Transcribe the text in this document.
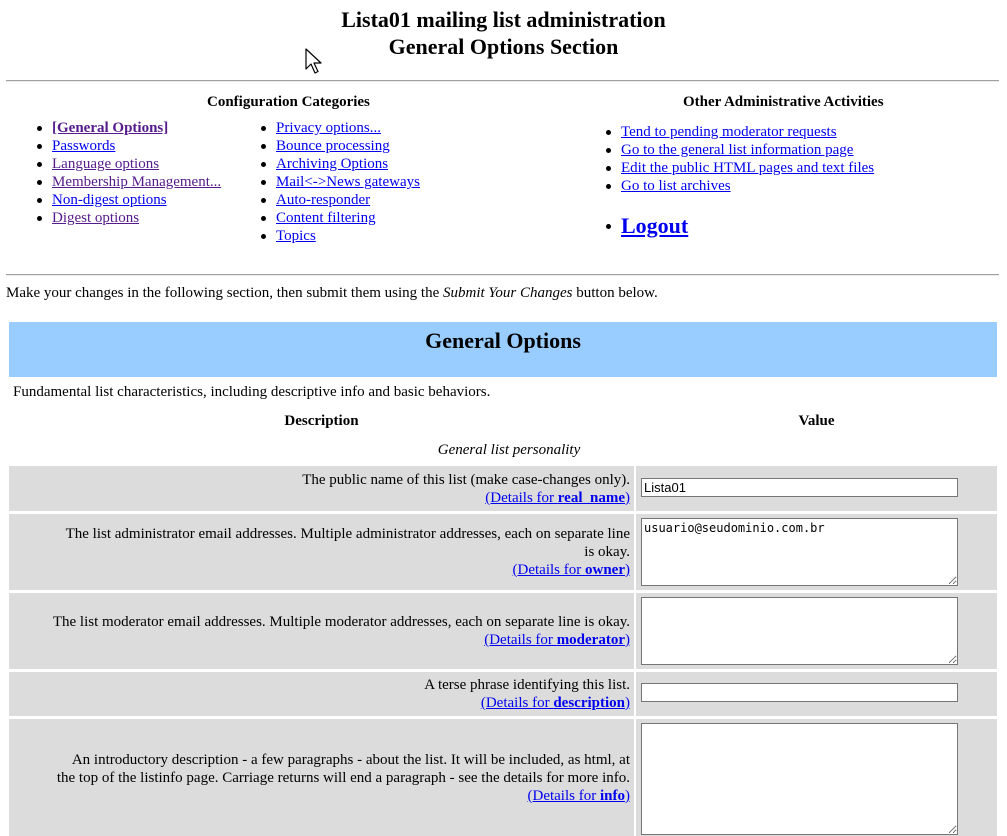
Lista01 mailing list administration
General Options Section
Configuration Categories
[General Options]
Passwords
Language options
Membership Management...
Non-digest options
Digest options
Privacy options...
Bounce processing
Archiving Options
Mail<->News gateways
Auto-responder
Content filtering
Topics
Other Administrative Activities
Tend to pending moderator requests
Go to the general list information page
Edit the public HTML pages and text files
Go to list archives
Logout
Make your changes in the following section, then submit them using the Submit Your Changes button below.
General Options
Fundamental list characteristics, including descriptive info and basic behaviors.
Description	Value
General list personality
The public name of this list (make case-changes only).
(Details for real_name)
Lista01
The list administrator email addresses. Multiple administrator addresses, each on separate line
is okay.
(Details for owner)
usuario@seudominio.com.br
The list moderator email addresses. Multiple moderator addresses, each on separate line is okay.
(Details for moderator)
A terse phrase identifying this list.
(Details for description)
An introductory description - a few paragraphs - about the list. It will be included, as html, at
the top of the listinfo page. Carriage returns will end a paragraph - see the details for more info.
(Details for info)
